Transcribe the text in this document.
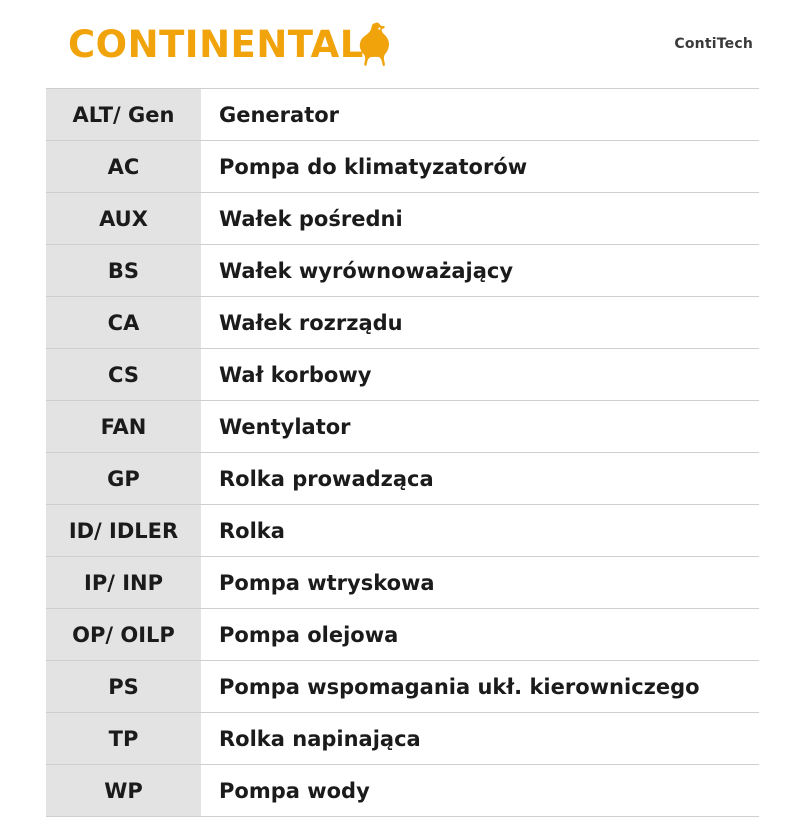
CONTINENTAL	ContiTech
ALT/ Gen	Generator
AC	Pompa do klimatyzatorów
AUX	Wałek pośredni
BS	Wałek wyrównoważający
CA	Wałek rozrządu
CS	Wał korbowy
FAN	Wentylator
GP	Rolka prowadząca
ID/ IDLER	Rolka
IP/ INP	Pompa wtryskowa
OP/ OILP	Pompa olejowa
PS	Pompa wspomagania ukł. kierowniczego
TP	Rolka napinająca
WP	Pompa wody
